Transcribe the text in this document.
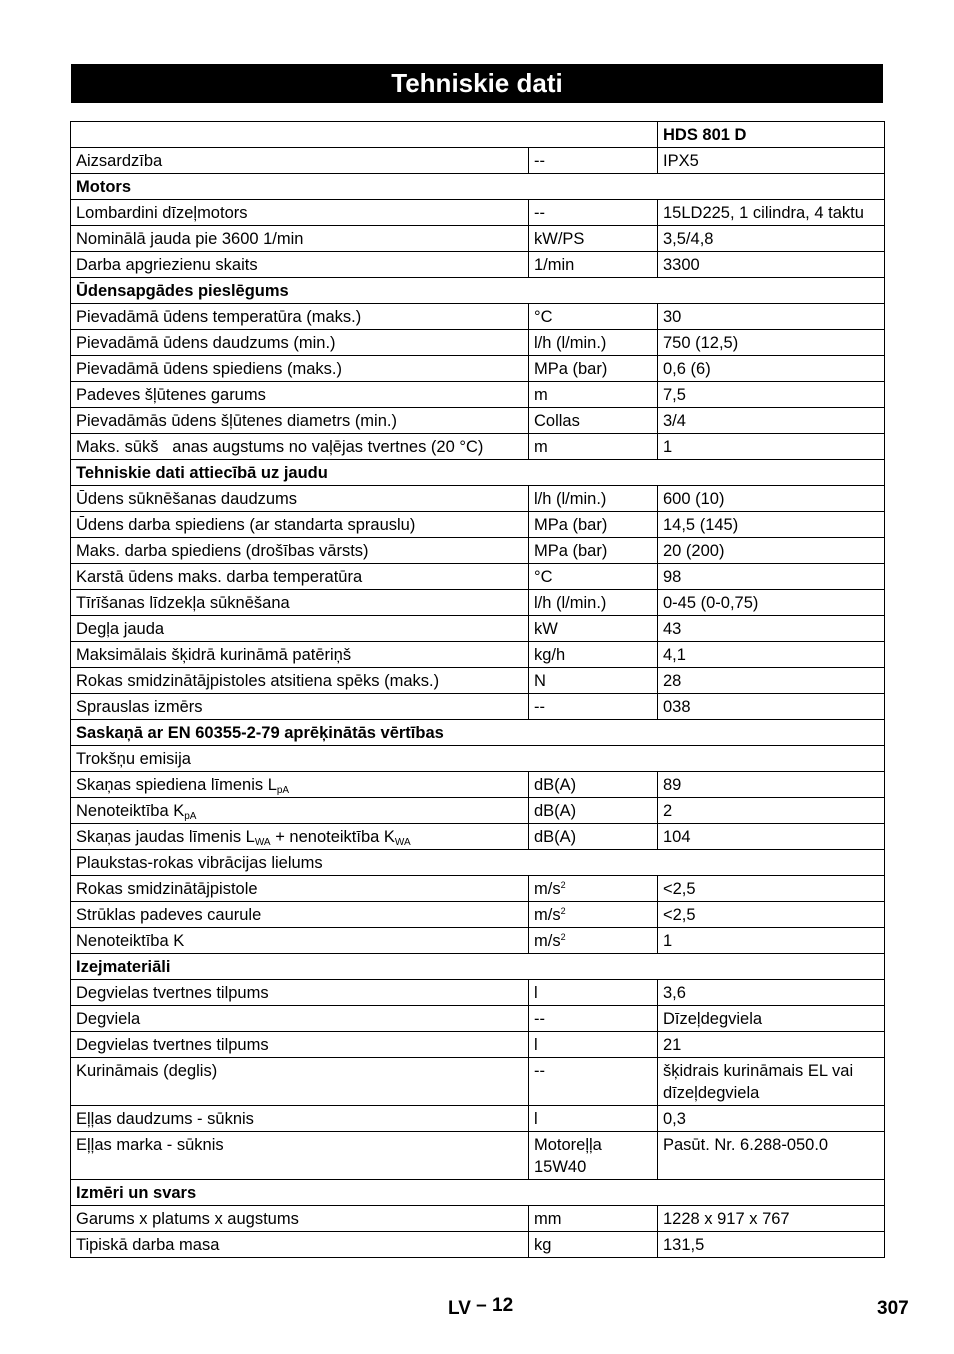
Tehniskie dati
		HDS 801 D
Aizsardzība	--	IPX5
Motors		
Lombardini dīzeļmotors	--	15LD225, 1 cilindra, 4 taktu
Nominālā jauda pie 3600 1/min	kW/PS	3,5/4,8
Darba apgriezienu skaits	1/min	3300
Ūdensapgādes pieslēgums		
Pievadāmā ūdens temperatūra (maks.)	°C	30
Pievadāmā ūdens daudzums (min.)	l/h (l/min.)	750 (12,5)
Pievadāmā ūdens spiediens (maks.)	MPa (bar)	0,6 (6)
Padeves šļūtenes garums	m	7,5
Pievadāmās ūdens šļūtenes diametrs (min.)	Collas	3/4
Maks. sūkš   anas augstums no vaļējas tvertnes (20 °C)	m	1
Tehniskie dati attiecībā uz jaudu		
Ūdens sūknēšanas daudzums	l/h (l/min.)	600 (10)
Ūdens darba spiediens (ar standarta sprauslu)	MPa (bar)	14,5 (145)
Maks. darba spiediens (drošības vārsts)	MPa (bar)	20 (200)
Karstā ūdens maks. darba temperatūra	°C	98
Tīrīšanas līdzekļa sūknēšana	l/h (l/min.)	0-45 (0-0,75)
Degļa jauda	kW	43
Maksimālais šķidrā kurināmā patēriņš	kg/h	4,1
Rokas smidzinātājpistoles atsitiena spēks (maks.)	N	28
Sprauslas izmērs	--	038
Saskaņā ar EN 60355-2-79 aprēķinātās vērtības		
Trokšņu emisija		
Skaņas spiediena līmenis $L_{pA}$	dB(A)	89
Nenoteiktība $K_{pA}$	dB(A)	2
Skaņas jaudas līmenis $L_{WA}$ + nenoteiktība $K_{WA}$	dB(A)	104
Plaukstas-rokas vibrācijas lielums		
Rokas smidzinātājpistole	$m/s^2$	<2,5
Strūklas padeves caurule	$m/s^2$	<2,5
Nenoteiktība K	$m/s^2$	1
Izejmateriāli		
Degvielas tvertnes tilpums	l	3,6
Degviela	--	Dīzeļdegviela
Degvielas tvertnes tilpums	l	21
Kurināmais (deglis)	--	šķidrais kurināmais EL vai dīzeļdegviela
Eļļas daudzums - sūknis	l	0,3
Eļļas marka - sūknis	Motoreļļa 15W40	Pasūt. Nr. 6.288-050.0
Izmēri un svars		
Garums x platums x augstums	mm	1228 x 917 x 767
Tipiskā darba masa	kg	131,5
LV – 12	307
